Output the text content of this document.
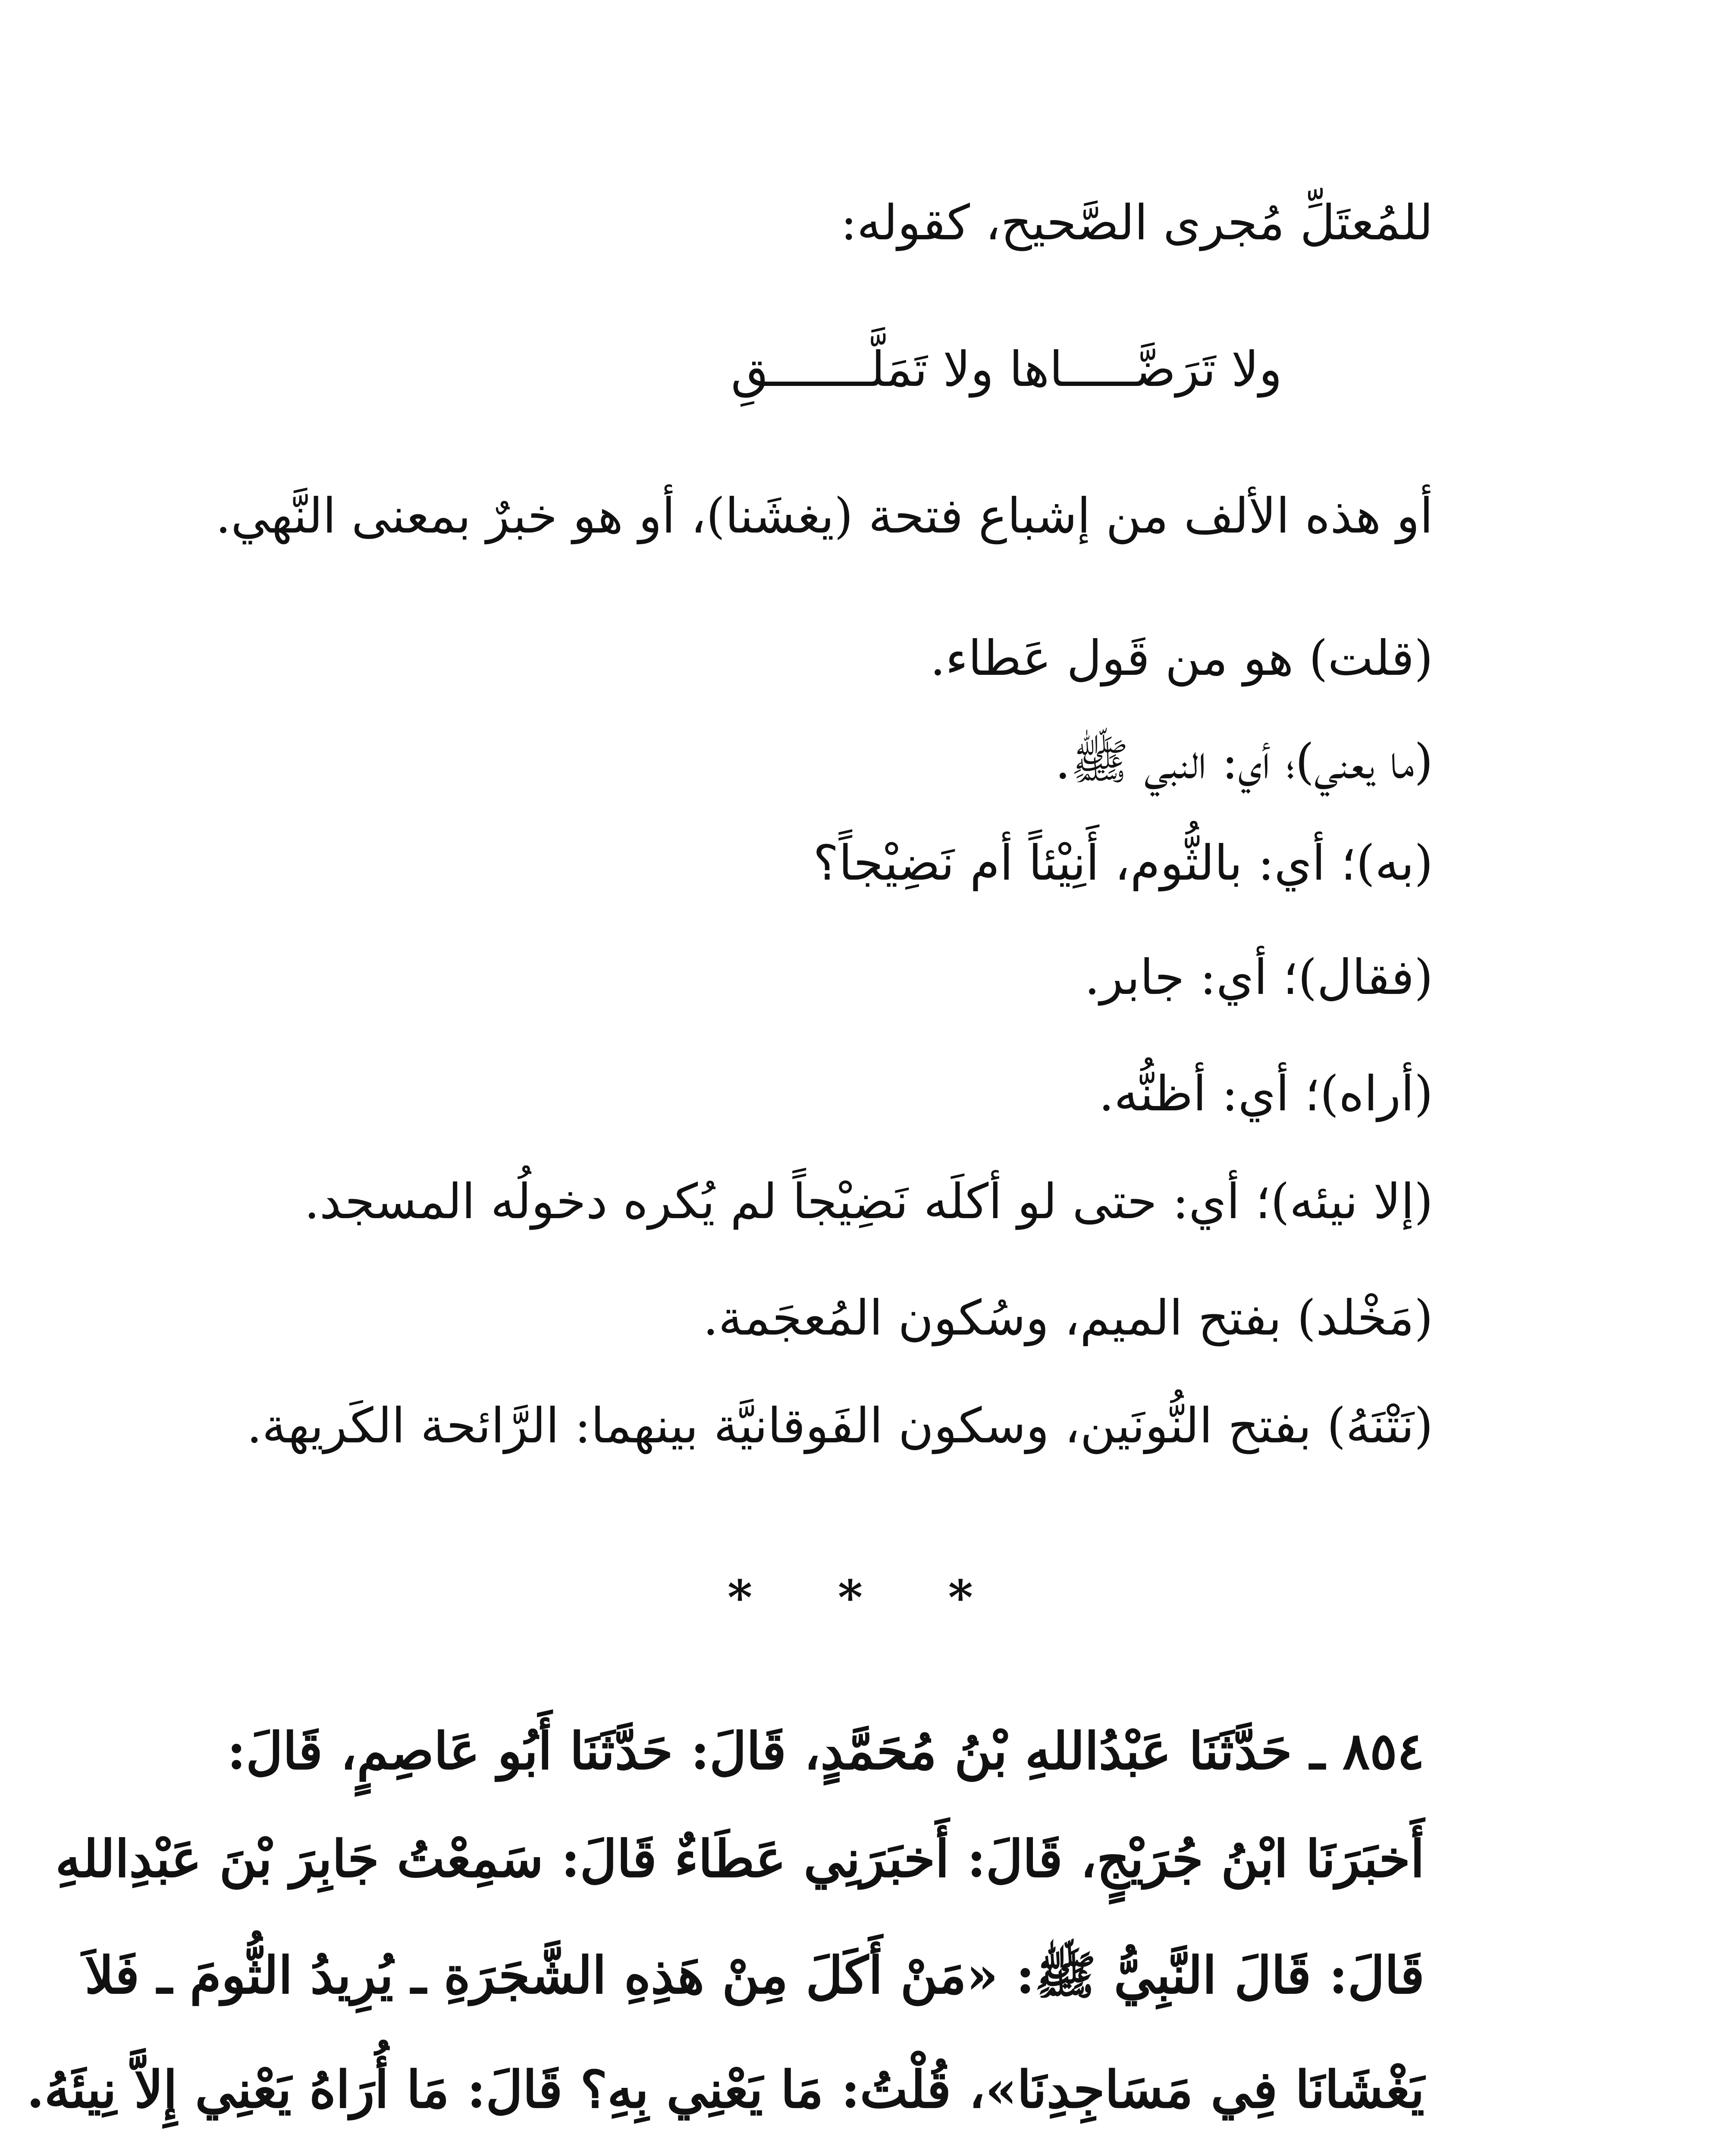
للمُعتَلِّ مُجرى الصَّحيح، كقوله:
ولا تَرَضَّـــــاها ولا تَمَلَّـــــــقِ
أو هذه الألف من إشباع فتحة (يغشَنا)، أو هو خبرٌ بمعنى النَّهي.
(قلت) هو من قَول عَطاء.
(ما يعني)؛ أي: النبي ﷺ.
(به)؛ أي: بالثُّوم، أَنِيْئاً أم نَضِيْجاً؟
(فقال)؛ أي: جابر.
(أراه)؛ أي: أظنُّه.
(إلا نيئه)؛ أي: حتى لو أكلَه نَضِيْجاً لم يُكره دخولُه المسجد.
(مَخْلد) بفتح الميم، وسُكون المُعجَمة.
(نَتْنَهُ) بفتح النُّونَين، وسكون الفَوقانيَّة بينهما: الرَّائحة الكَريهة.
* * *
٨٥٤ ـ حَدَّثَنَا عَبْدُاللهِ بْنُ مُحَمَّدٍ، قَالَ: حَدَّثَنَا أَبُو عَاصِمٍ، قَالَ:
أَخبَرَنَا ابْنُ جُرَيْجٍ، قَالَ: أَخبَرَنِي عَطَاءٌ قَالَ: سَمِعْتُ جَابِرَ بْنَ عَبْدِاللهِ
قَالَ: قَالَ النَّبِيُّ ﷺ: «مَنْ أَكَلَ مِنْ هَذِهِ الشَّجَرَةِ ـ يُرِيدُ الثُّومَ ـ فَلاَ
يَغْشَانَا فِي مَسَاجِدِنَا»، قُلْتُ: مَا يَعْنِي بِهِ؟ قَالَ: مَا أُرَاهُ يَعْنِي إِلاَّ نِيئَهُ.
